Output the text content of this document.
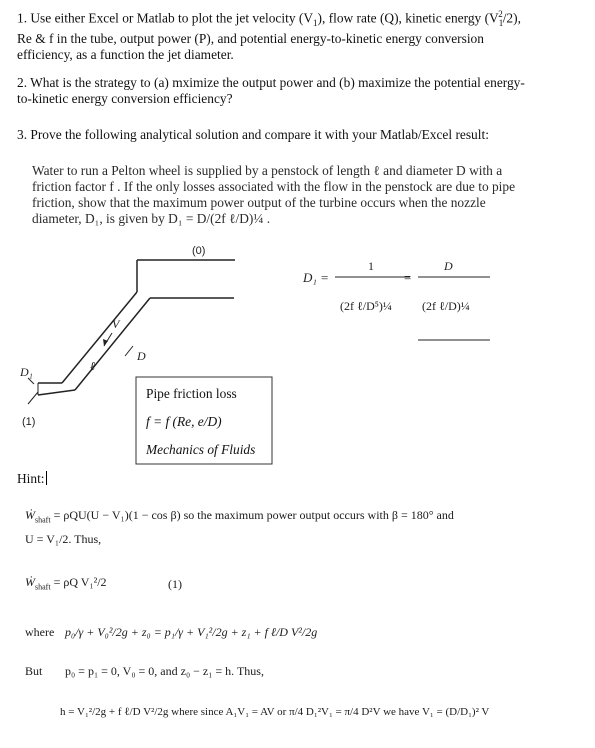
1. Use either Excel or Matlab to plot the jet velocity $(V_1)$, flow rate (Q), kinetic energy $(V_1^2/2)$,
Re & f in the tube, output power (P), and potential energy-to-kinetic energy conversion
efficiency, as a function the jet diameter.
2. What is the strategy to (a) mximize the output power and (b) maximize the potential energy-
to-kinetic energy conversion efficiency?
3. Prove the following analytical solution and compare it with your Matlab/Excel result:
Water to run a Pelton wheel is supplied by a penstock of length ℓ and diameter D with a
friction factor f . If the only losses associated with the flow in the penstock are due to pipe
friction, show that the maximum power output of the turbine occurs when the nozzle
diameter, D₁, is given by D₁ = D/(2f ℓ/D)¼ .
(0)
(1)
V
ℓ
D
D₁
Pipe friction loss
f = f (Re, e/D)
Mechanics of Fluids
D₁ =
1
(2f ℓ/D⁵)¼
=
D
(2f ℓ/D)¼
Hint:
Ẇ$_{shaft}$ = ρQU(U − V₁)(1 − cos β) so the maximum power output occurs with β = 180° and
U = V₁/2. Thus,
Ẇ$_{shaft}$ = ρQ V₁²/2	(1)
where p₀/γ + V₀²/2g + z₀ = p₁/γ + V₁²/2g + z₁ + f ℓ/D V²/2g
But p₀ = p₁ = 0, V₀ = 0, and z₀ − z₁ = h. Thus,
h = V₁²/2g + f ℓ/D V²/2g where since A₁V₁ = AV or π/4 D₁²V₁ = π/4 D²V we have V₁ = (D/D₁)² V
